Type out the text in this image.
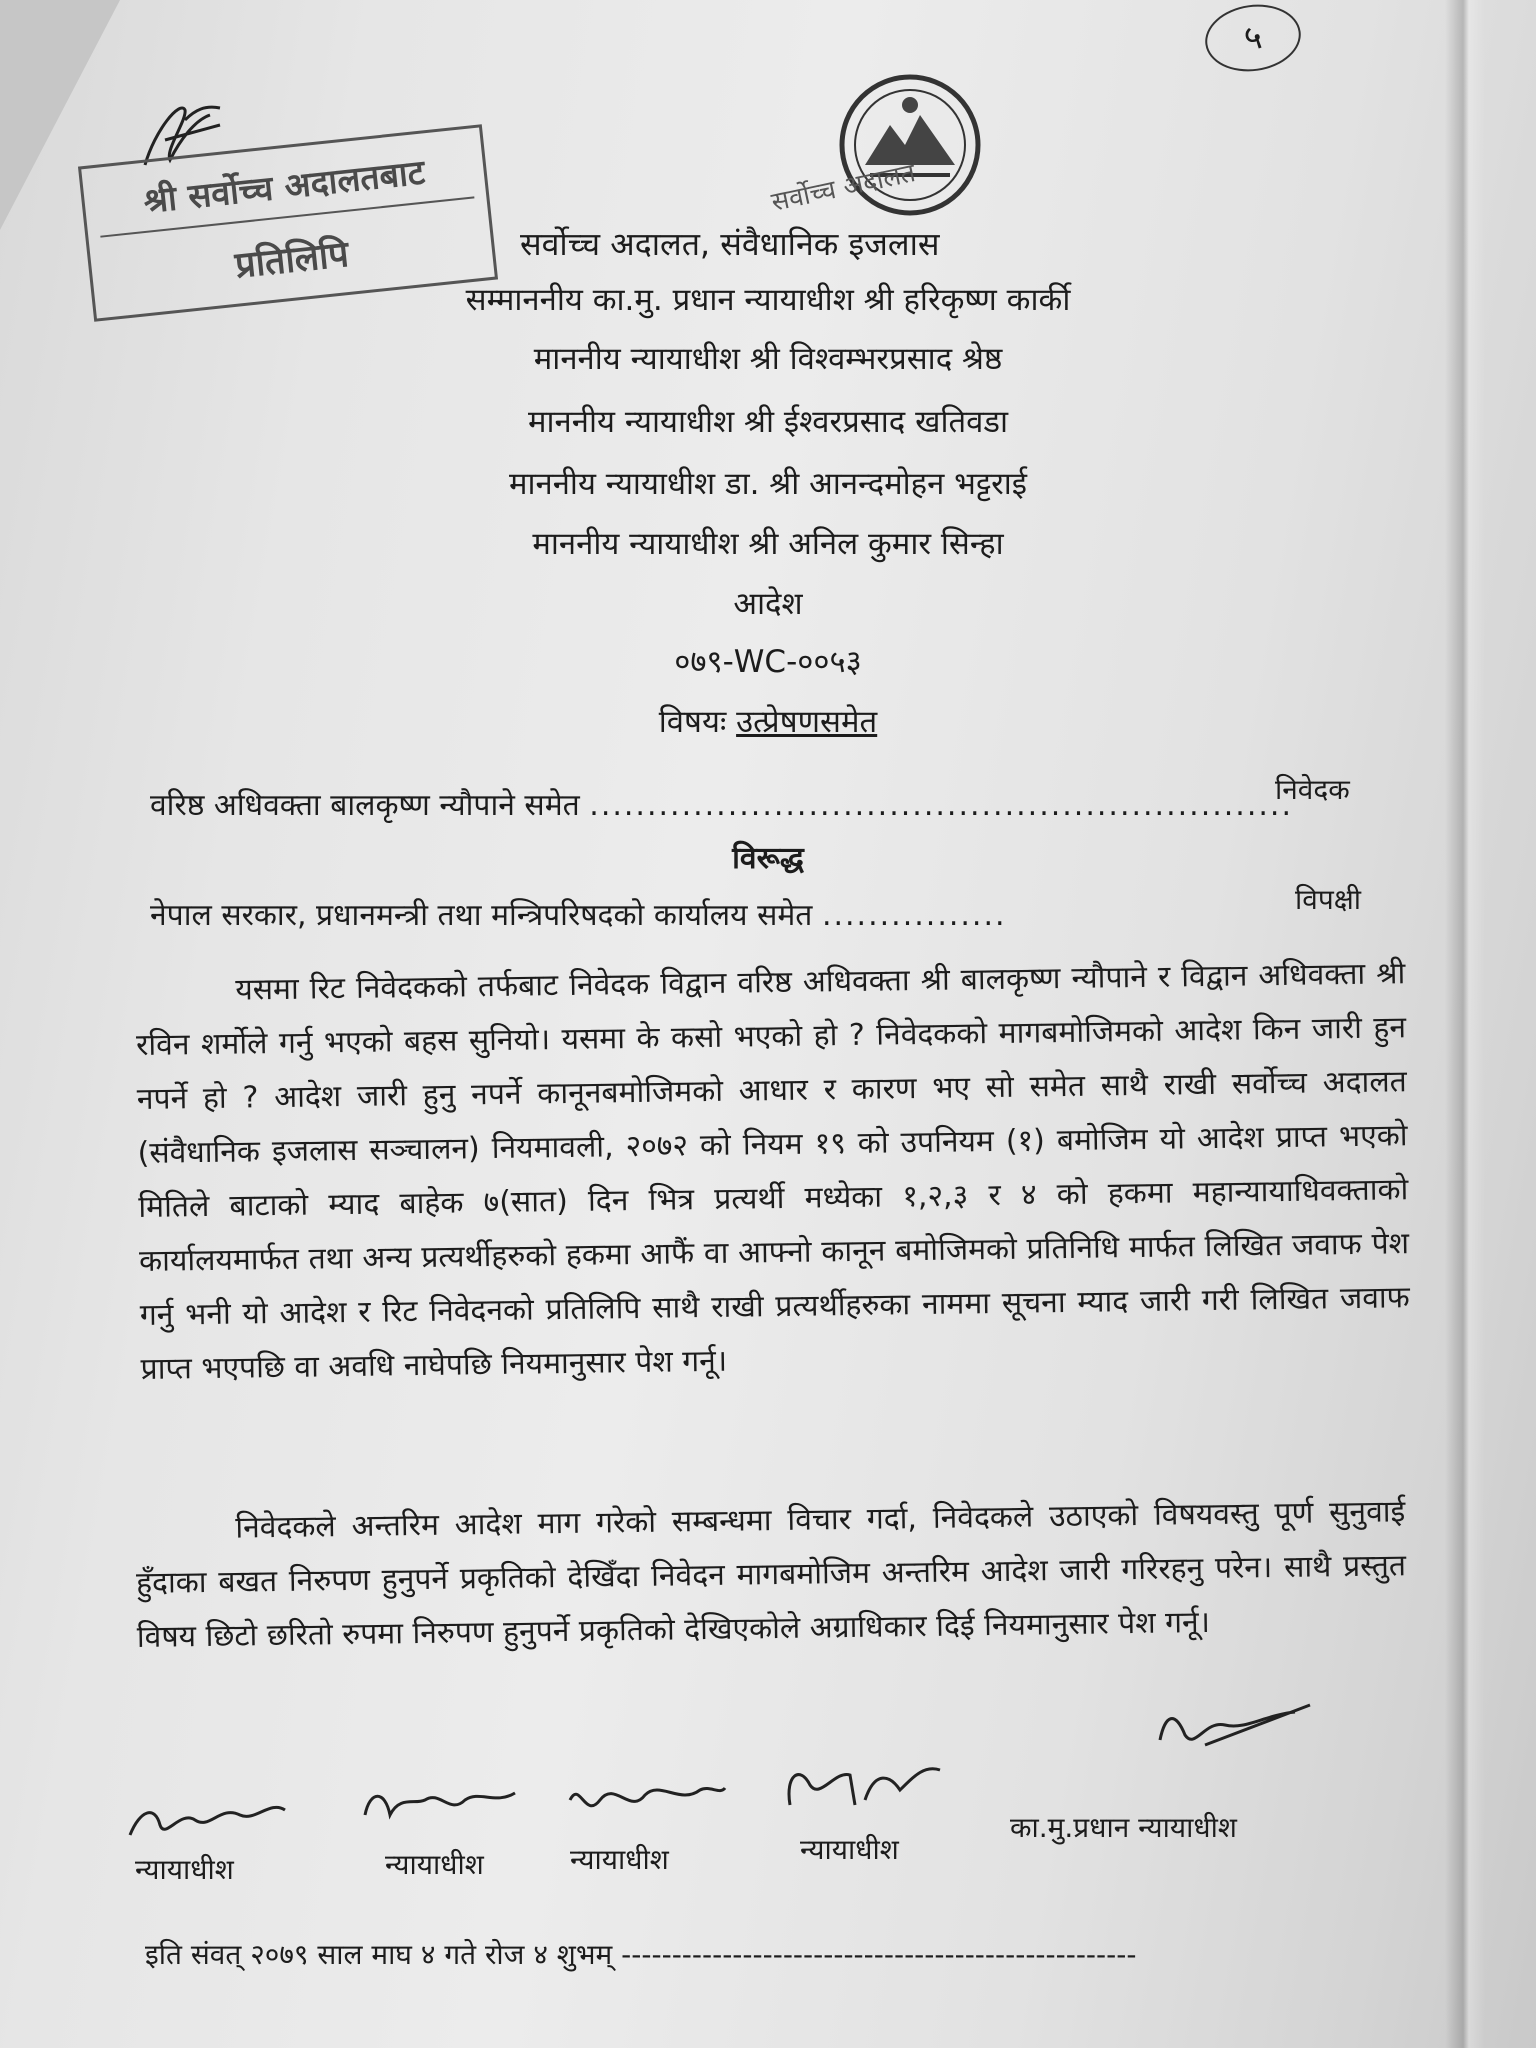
५
श्री सर्वोच्च अदालतबाट
प्रतिलिपि
सर्वोच्च अदालत
सर्वोच्च अदालत, संवैधानिक इजलास
सम्माननीय का.मु. प्रधान न्यायाधीश श्री हरिकृष्ण कार्की
माननीय न्यायाधीश श्री विश्वम्भरप्रसाद श्रेष्ठ
माननीय न्यायाधीश श्री ईश्वरप्रसाद खतिवडा
माननीय न्यायाधीश डा. श्री आनन्दमोहन भट्टराई
माननीय न्यायाधीश श्री अनिल कुमार सिन्हा
आदेश
०७९-WC-००५३
विषयः उत्प्रेषणसमेत
वरिष्ठ अधिवक्ता बालकृष्ण न्यौपाने समेत .............................................................
निवेदक
विरूद्ध
नेपाल सरकार, प्रधानमन्त्री तथा मन्त्रिपरिषदको कार्यालय समेत ................	विपक्षी
यसमा रिट निवेदकको तर्फबाट निवेदक विद्वान वरिष्ठ अधिवक्ता श्री बालकृष्ण न्यौपाने र विद्वान अधिवक्ता श्री रविन शर्मोले गर्नु भएको बहस सुनियो। यसमा के कसो भएको हो ? निवेदकको मागबमोजिमको आदेश किन जारी हुन नपर्ने हो ? आदेश जारी हुनु नपर्ने कानूनबमोजिमको आधार र कारण भए सो समेत साथै राखी सर्वोच्च अदालत (संवैधानिक इजलास सञ्चालन) नियमावली, २०७२ को नियम १९ को उपनियम (१) बमोजिम यो आदेश प्राप्त भएको मितिले बाटाको म्याद बाहेक ७(सात) दिन भित्र प्रत्यर्थी मध्येका १,२,३ र ४ को हकमा महान्यायाधिवक्ताको कार्यालयमार्फत तथा अन्य प्रत्यर्थीहरुको हकमा आफैं वा आफ्नो कानून बमोजिमको प्रतिनिधि मार्फत लिखित जवाफ पेश गर्नु भनी यो आदेश र रिट निवेदनको प्रतिलिपि साथै राखी प्रत्यर्थीहरुका नाममा सूचना म्याद जारी गरी लिखित जवाफ प्राप्त भएपछि वा अवधि नाघेपछि नियमानुसार पेश गर्नू।
निवेदकले अन्तरिम आदेश माग गरेको सम्बन्धमा विचार गर्दा, निवेदकले उठाएको विषयवस्तु पूर्ण सुनुवाई हुँदाका बखत निरुपण हुनुपर्ने प्रकृतिको देखिँदा निवेदन मागबमोजिम अन्तरिम आदेश जारी गरिरहनु परेन। साथै प्रस्तुत विषय छिटो छरितो रुपमा निरुपण हुनुपर्ने प्रकृतिको देखिएकोले अग्राधिकार दिई नियमानुसार पेश गर्नू।
न्यायाधीश	न्यायाधीश	न्यायाधीश	न्यायाधीश
का.मु.प्रधान न्यायाधीश
इति संवत् २०७९ साल माघ ४ गते रोज ४ शुभम् ---------------------------------------------------
